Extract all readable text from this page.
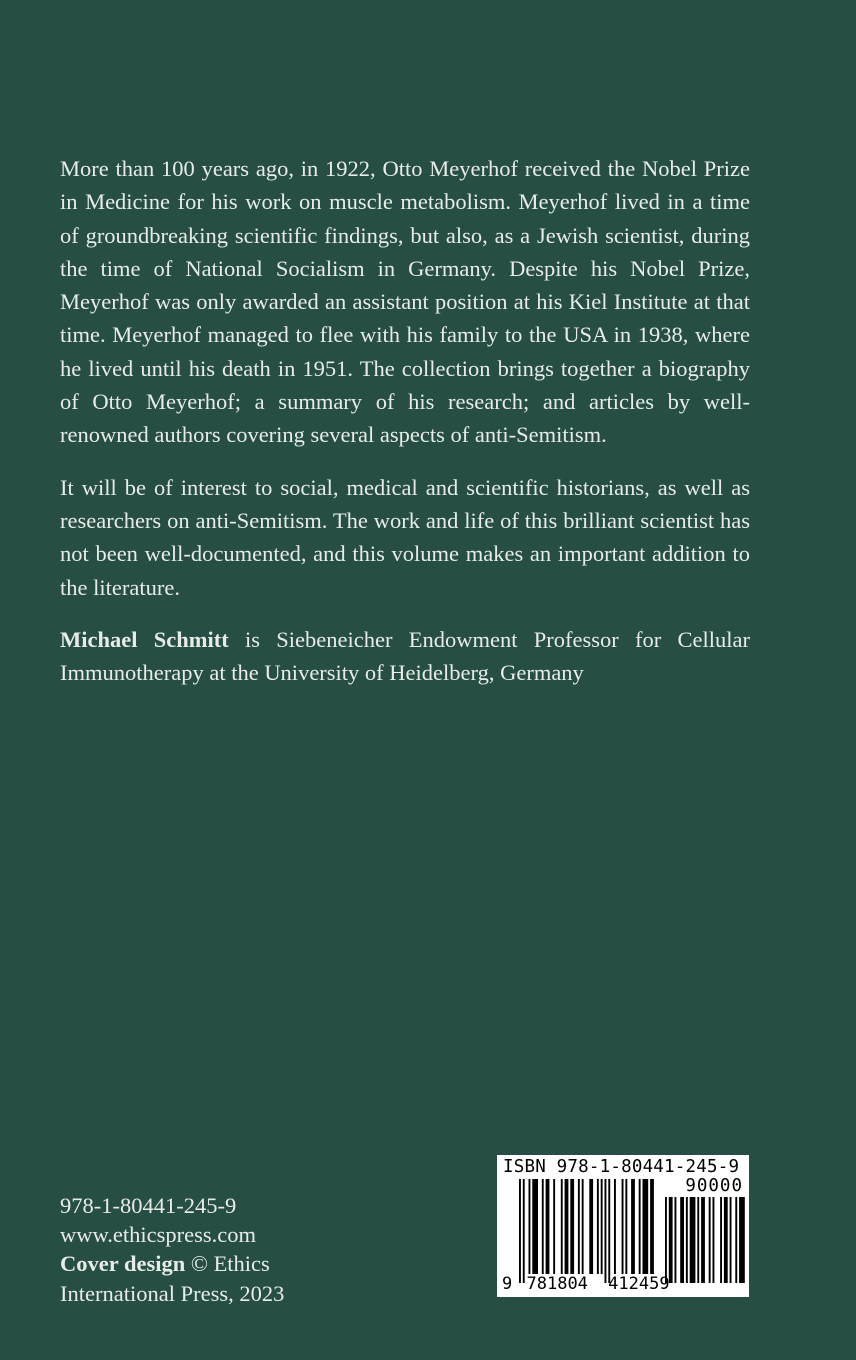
More than 100 years ago, in 1922, Otto Meyerhof received the Nobel Prize in Medicine for his work on muscle metabolism. Meyerhof lived in a time of groundbreaking scientific findings, but also, as a Jewish scientist, during the time of National Socialism in Germany. Despite his Nobel Prize, Meyerhof was only awarded an assistant position at his Kiel Institute at that time. Meyerhof managed to flee with his family to the USA in 1938, where he lived until his death in 1951. The collection brings together a biography of Otto Meyerhof; a summary of his research; and articles by well-renowned authors covering several aspects of anti-Semitism.

It will be of interest to social, medical and scientific historians, as well as researchers on anti-Semitism. The work and life of this brilliant scientist has not been well-documented, and this volume makes an important addition to the literature.

Michael Schmitt is Siebeneicher Endowment Professor for Cellular Immunotherapy at the University of Heidelberg, Germany

978-1-80441-245-9
www.ethicspress.com
Cover design © Ethics
International Press, 2023
ISBN 978-1-80441-245-9
90000
9 781804 412459
